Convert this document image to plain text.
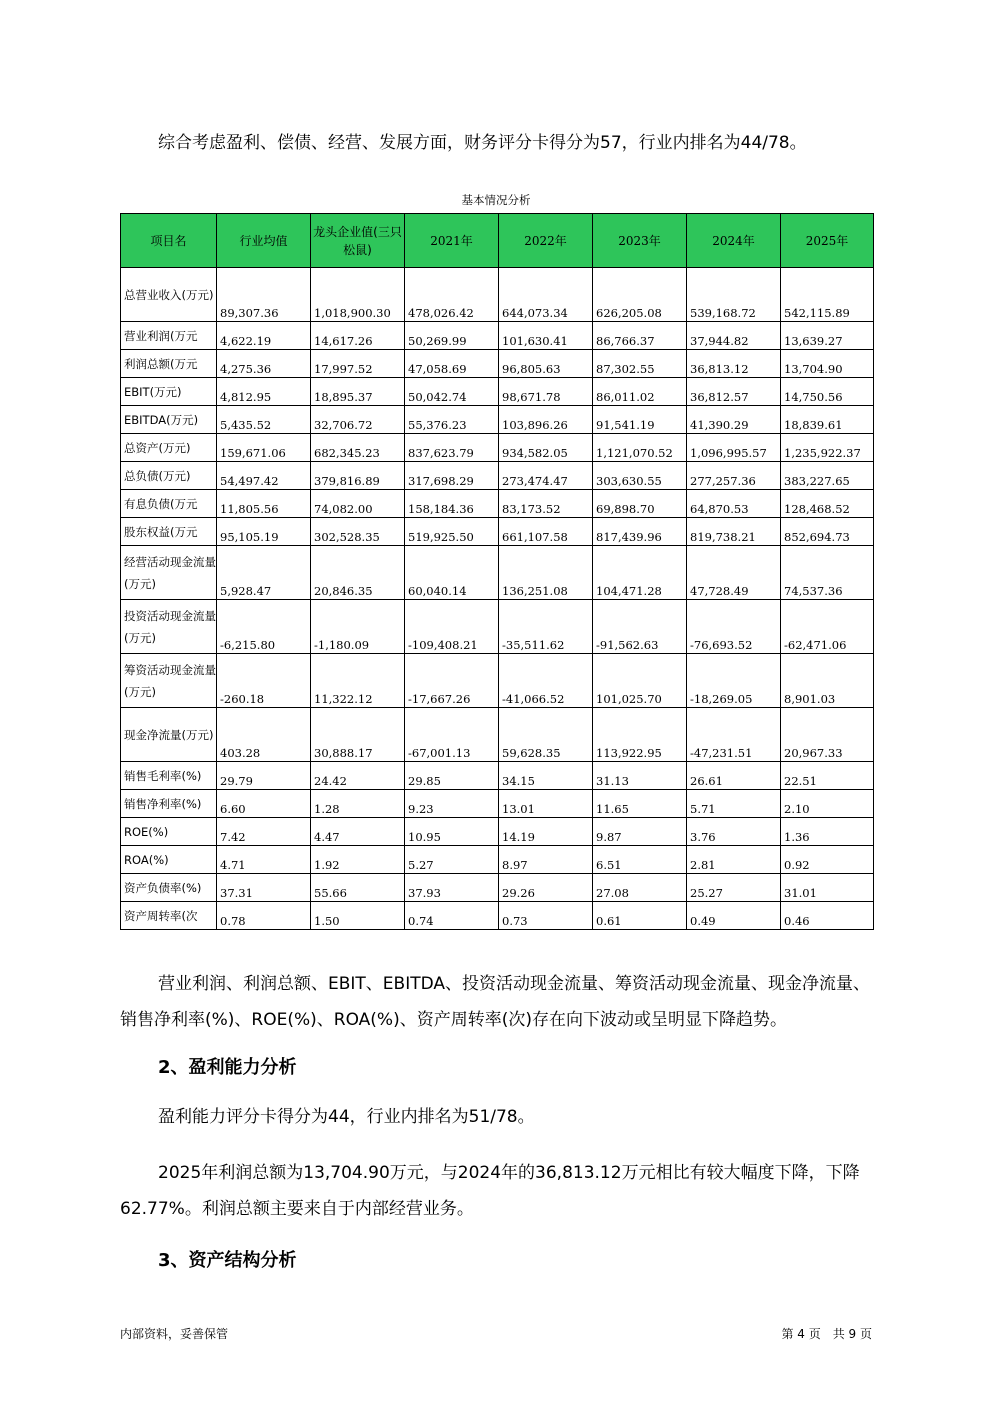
综合考虑盈利、偿债、经营、发展方面，财务评分卡得分为57，行业内排名为44/78。

基本情况分析
项目名	行业均值	龙头企业值(三只松鼠)	2021年	2022年	2023年	2024年	2025年
总营业收入(万元)	89,307.36	1,018,900.30	478,026.42	644,073.34	626,205.08	539,168.72	542,115.89
营业利润(万元	4,622.19	14,617.26	50,269.99	101,630.41	86,766.37	37,944.82	13,639.27
利润总额(万元	4,275.36	17,997.52	47,058.69	96,805.63	87,302.55	36,813.12	13,704.90
EBIT(万元)	4,812.95	18,895.37	50,042.74	98,671.78	86,011.02	36,812.57	14,750.56
EBITDA(万元)	5,435.52	32,706.72	55,376.23	103,896.26	91,541.19	41,390.29	18,839.61
总资产(万元)	159,671.06	682,345.23	837,623.79	934,582.05	1,121,070.52	1,096,995.57	1,235,922.37
总负债(万元)	54,497.42	379,816.89	317,698.29	273,474.47	303,630.55	277,257.36	383,227.65
有息负债(万元	11,805.56	74,082.00	158,184.36	83,173.52	69,898.70	64,870.53	128,468.52
股东权益(万元	95,105.19	302,528.35	519,925.50	661,107.58	817,439.96	819,738.21	852,694.73
经营活动现金流量(万元)	5,928.47	20,846.35	60,040.14	136,251.08	104,471.28	47,728.49	74,537.36
投资活动现金流量(万元)	-6,215.80	-1,180.09	-109,408.21	-35,511.62	-91,562.63	-76,693.52	-62,471.06
筹资活动现金流量(万元)	-260.18	11,322.12	-17,667.26	-41,066.52	101,025.70	-18,269.05	8,901.03
现金净流量(万元)	403.28	30,888.17	-67,001.13	59,628.35	113,922.95	-47,231.51	20,967.33
销售毛利率(%)	29.79	24.42	29.85	34.15	31.13	26.61	22.51
销售净利率(%)	6.60	1.28	9.23	13.01	11.65	5.71	2.10
ROE(%)	7.42	4.47	10.95	14.19	9.87	3.76	1.36
ROA(%)	4.71	1.92	5.27	8.97	6.51	2.81	0.92
资产负债率(%)	37.31	55.66	37.93	29.26	27.08	25.27	31.01
资产周转率(次	0.78	1.50	0.74	0.73	0.61	0.49	0.46

营业利润、利润总额、EBIT、EBITDA、投资活动现金流量、筹资活动现金流量、现金净流量、销售净利率(%)、ROE(%)、ROA(%)、资产周转率(次)存在向下波动或呈明显下降趋势。

2、盈利能力分析

盈利能力评分卡得分为44，行业内排名为51/78。

2025年利润总额为13,704.90万元，与2024年的36,813.12万元相比有较大幅度下降，下降62.77%。利润总额主要来自于内部经营业务。

3、资产结构分析
内部资料，妥善保管	第 4 页　共 9 页
